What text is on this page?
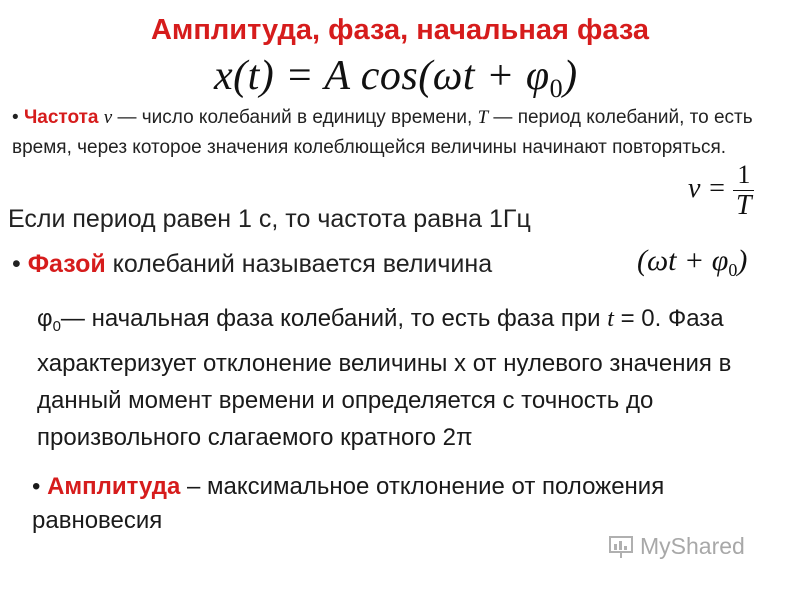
Амплитуда, фаза, начальная фаза
x(t) = A $\cos(\omega t + \varphi_0)$
• Частота ν — число колебаний в единицу времени, T — период колебаний, то есть время, через которое значения колеблющейся величины начинают повторяться.
$\nu = \frac{1}{T}$
Если период равен 1 с, то частота равна 1Гц
• Фазой колебаний называется величина	$(\omega t + \varphi_0)$
$\varphi_0—$ начальная фаза колебаний, то есть фаза при t = 0. Фаза характеризует отклонение величины x от нулевого значения в данный момент времени и определяется с точность до произвольного слагаемого кратного 2π
• Амплитуда – максимальное отклонение от положения равновесия
MyShared
